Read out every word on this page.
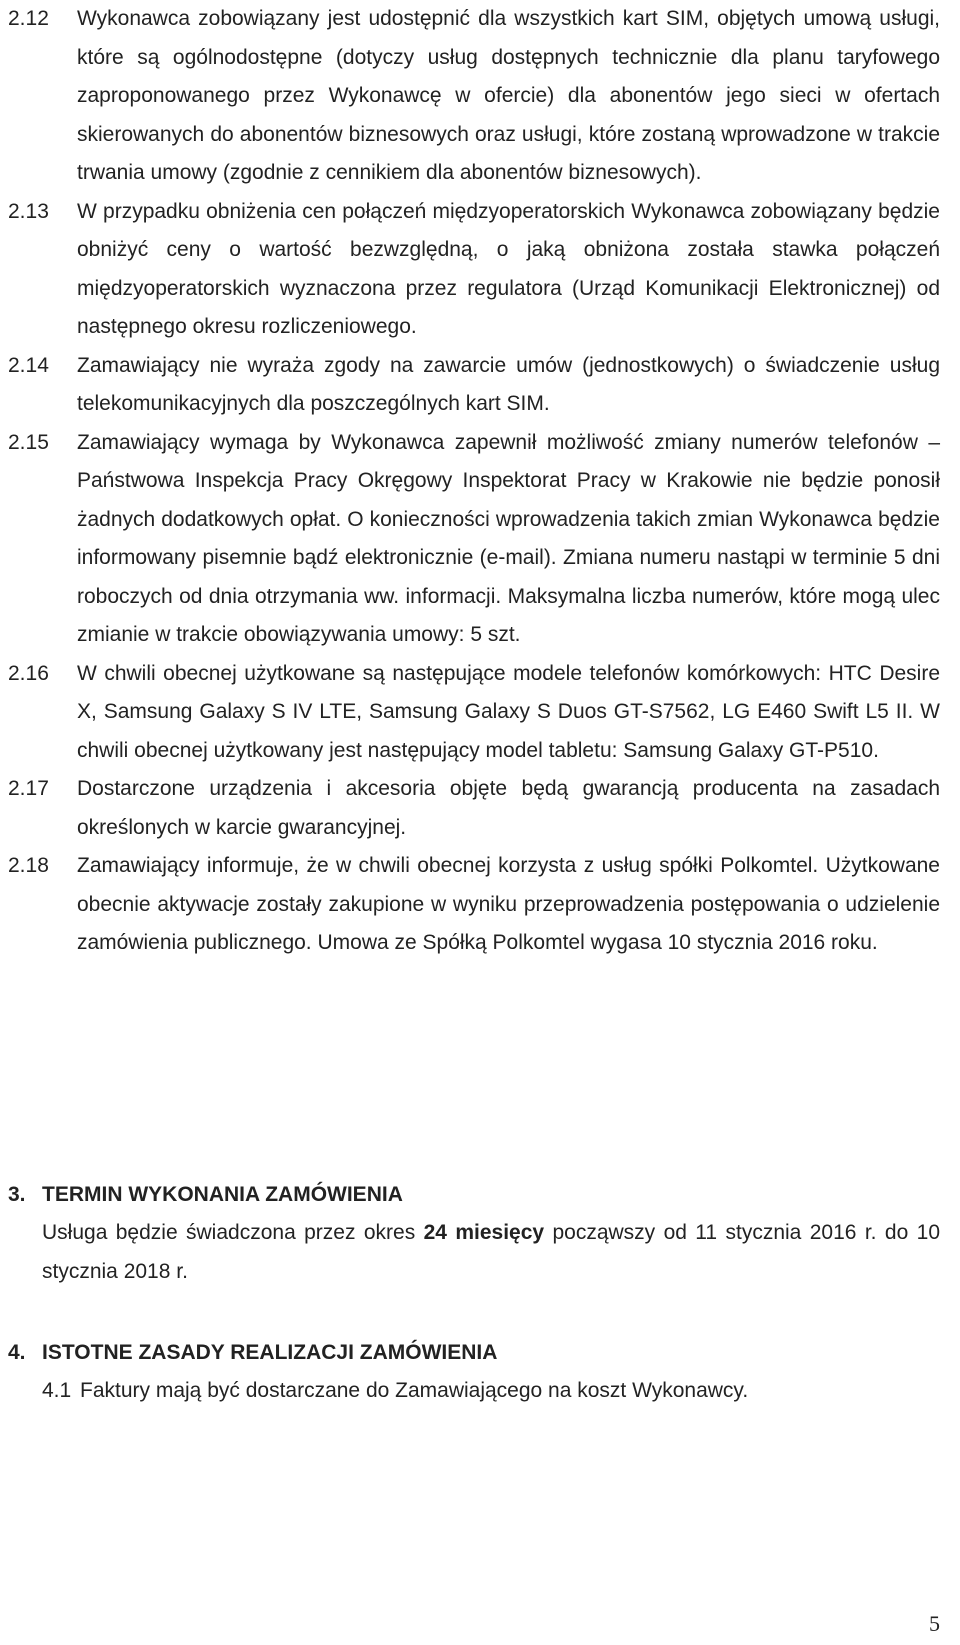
2.12	Wykonawca zobowiązany jest udostępnić dla wszystkich kart SIM, objętych umową usługi, które są ogólnodostępne (dotyczy usług dostępnych technicznie dla planu taryfowego zaproponowanego przez Wykonawcę w ofercie) dla abonentów jego sieci w ofertach skierowanych do abonentów biznesowych oraz usługi, które zostaną wprowadzone w trakcie trwania umowy (zgodnie z cennikiem dla abonentów biznesowych).

2.13	W przypadku obniżenia cen połączeń międzyoperatorskich Wykonawca zobowiązany będzie obniżyć ceny o wartość bezwzględną, o jaką obniżona została stawka połączeń międzyoperatorskich wyznaczona przez regulatora (Urząd Komunikacji Elektronicznej) od następnego okresu rozliczeniowego.

2.14	Zamawiający nie wyraża zgody na zawarcie umów (jednostkowych) o świadczenie usług telekomunikacyjnych dla poszczególnych kart SIM.

2.15	Zamawiający wymaga by Wykonawca zapewnił możliwość zmiany numerów telefonów – Państwowa Inspekcja Pracy Okręgowy Inspektorat Pracy w Krakowie nie będzie ponosił żadnych dodatkowych opłat. O konieczności wprowadzenia takich zmian Wykonawca będzie informowany pisemnie bądź elektronicznie (e-mail). Zmiana numeru nastąpi w terminie 5 dni roboczych od dnia otrzymania ww. informacji. Maksymalna liczba numerów, które mogą ulec zmianie w trakcie obowiązywania umowy: 5 szt.

2.16	W chwili obecnej użytkowane są następujące modele telefonów komórkowych: HTC Desire X, Samsung Galaxy S IV LTE, Samsung Galaxy S Duos GT-S7562, LG E460 Swift L5 II. W chwili obecnej użytkowany jest następujący model tabletu: Samsung Galaxy GT-P510.

2.17	Dostarczone urządzenia i akcesoria objęte będą gwarancją producenta na zasadach określonych w karcie gwarancyjnej.

2.18	Zamawiający informuje, że w chwili obecnej korzysta z usług spółki Polkomtel. Użytkowane obecnie aktywacje zostały zakupione w wyniku przeprowadzenia postępowania o udzielenie zamówienia publicznego. Umowa ze Spółką Polkomtel wygasa 10 stycznia 2016 roku.

3. TERMIN WYKONANIA ZAMÓWIENIA

Usługa będzie świadczona przez okres 24 miesięcy począwszy od 11 stycznia 2016 r. do 10 stycznia 2018 r.

4. ISTOTNE ZASADY REALIZACJI ZAMÓWIENIA

4.1 Faktury mają być dostarczane do Zamawiającego na koszt Wykonawcy.

5
